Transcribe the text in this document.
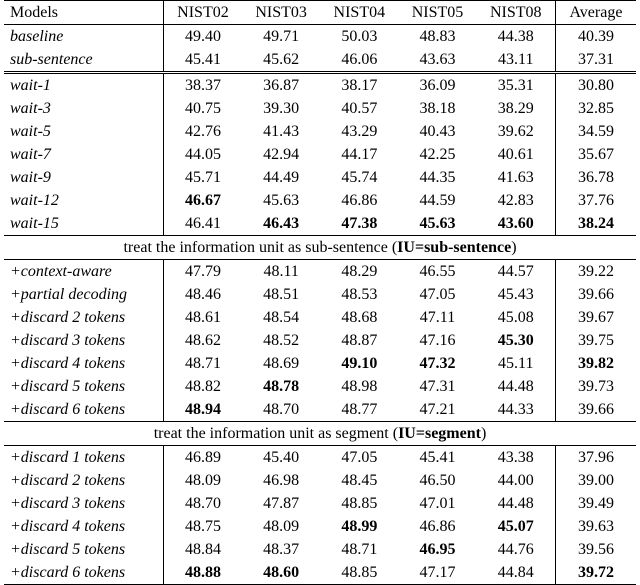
Models	NIST02	NIST03	NIST04	NIST05	NIST08	Average
baseline	49.40	49.71	50.03	48.83	44.38	40.39
sub-sentence	45.41	45.62	46.06	43.63	43.11	37.31
wait-1	38.37	36.87	38.17	36.09	35.31	30.80
wait-3	40.75	39.30	40.57	38.18	38.29	32.85
wait-5	42.76	41.43	43.29	40.43	39.62	34.59
wait-7	44.05	42.94	44.17	42.25	40.61	35.67
wait-9	45.71	44.49	45.74	44.35	41.63	36.78
wait-12	46.67	45.63	46.86	44.59	42.83	37.76
wait-15	46.41	46.43	47.38	45.63	43.60	38.24
treat the information unit as sub-sentence (IU=sub-sentence)						
+context-aware	47.79	48.11	48.29	46.55	44.57	39.22
+partial decoding	48.46	48.51	48.53	47.05	45.43	39.66
+discard 2 tokens	48.61	48.54	48.68	47.11	45.08	39.67
+discard 3 tokens	48.62	48.52	48.87	47.16	45.30	39.75
+discard 4 tokens	48.71	48.69	49.10	47.32	45.11	39.82
+discard 5 tokens	48.82	48.78	48.98	47.31	44.48	39.73
+discard 6 tokens	48.94	48.70	48.77	47.21	44.33	39.66
treat the information unit as segment (IU=segment)						
+discard 1 tokens	46.89	45.40	47.05	45.41	43.38	37.96
+discard 2 tokens	48.09	46.98	48.45	46.50	44.00	39.00
+discard 3 tokens	48.70	47.87	48.85	47.01	44.48	39.49
+discard 4 tokens	48.75	48.09	48.99	46.86	45.07	39.63
+discard 5 tokens	48.84	48.37	48.71	46.95	44.76	39.56
+discard 6 tokens	48.88	48.60	48.85	47.17	44.84	39.72
